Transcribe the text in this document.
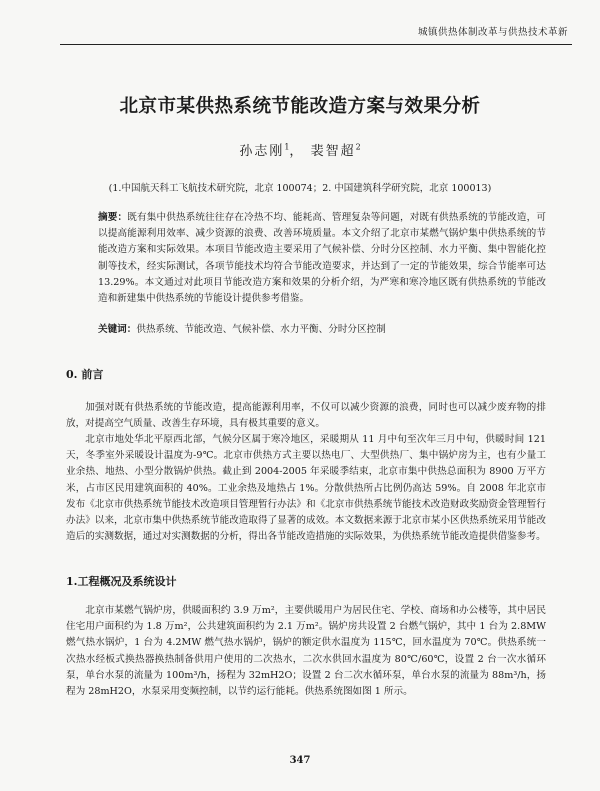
城镇供热体制改革与供热技术革新
北京市某供热系统节能改造方案与效果分析
孙志刚$^1$， 裴智超$^2$
(1.中国航天科工飞航技术研究院，北京 100074；2. 中国建筑科学研究院，北京 100013)

摘要：既有集中供热系统往往存在冷热不均、能耗高、管理复杂等问题，对既有供热系统的节能改造，可以提高能源利用效率、减少资源的浪费、改善环境质量。本文介绍了北京市某燃气锅炉集中供热系统的节能改造方案和实际效果。本项目节能改造主要采用了气候补偿、分时分区控制、水力平衡、集中智能化控制等技术，经实际测试，各项节能技术均符合节能改造要求，并达到了一定的节能效果，综合节能率可达 13.29%。本文通过对此项目节能改造方案和效果的分析介绍，为严寒和寒冷地区既有供热系统的节能改造和新建集中供热系统的节能设计提供参考借鉴。

关键词：供热系统、节能改造、气候补偿、水力平衡、分时分区控制

0. 前言

加强对既有供热系统的节能改造，提高能源利用率，不仅可以减少资源的浪费，同时也可以减少废弃物的排放，对提高空气质量、改善生存环境，具有极其重要的意义。

北京市地处华北平原西北部，气候分区属于寒冷地区，采暖期从 11 月中旬至次年三月中旬，供暖时间 121 天，冬季室外采暖设计温度为-9℃。北京市供热方式主要以热电厂、大型供热厂、集中锅炉房为主，也有少量工业余热、地热、小型分散锅炉供热。截止到 2004-2005 年采暖季结束，北京市集中供热总面积为 8900 万平方米，占市区民用建筑面积的 40%。工业余热及地热占 1%。分散供热所占比例仍高达 59%。自 2008 年北京市发布《北京市供热系统节能技术改造项目管理暂行办法》和《北京市供热系统节能技术改造财政奖励资金管理暂行办法》以来，北京市集中供热系统节能改造取得了显著的成效。本文数据来源于北京市某小区供热系统采用节能改造后的实测数据，通过对实测数据的分析，得出各节能改造措施的实际效果，为供热系统节能改造提供借鉴参考。

1.工程概况及系统设计

北京市某燃气锅炉房，供暖面积约 3.9 万m²，主要供暖用户为居民住宅、学校、商场和办公楼等，其中居民住宅用户面积约为 1.8 万m²，公共建筑面积约为 2.1 万m²。锅炉房共设置 2 台燃气锅炉，其中 1 台为 2.8MW 燃气热水锅炉，1 台为 4.2MW 燃气热水锅炉，锅炉的额定供水温度为 115℃，回水温度为 70℃。供热系统一次热水经板式换热器换热制备供用户使用的二次热水，二次水供回水温度为 80℃/60℃，设置 2 台一次水循环泵，单台水泵的流量为 100m³/h，扬程为 32mH2O；设置 2 台二次水循环泵，单台水泵的流量为 88m³/h，扬程为 28mH2O，水泵采用变频控制，以节约运行能耗。供热系统图如图 1 所示。

347
